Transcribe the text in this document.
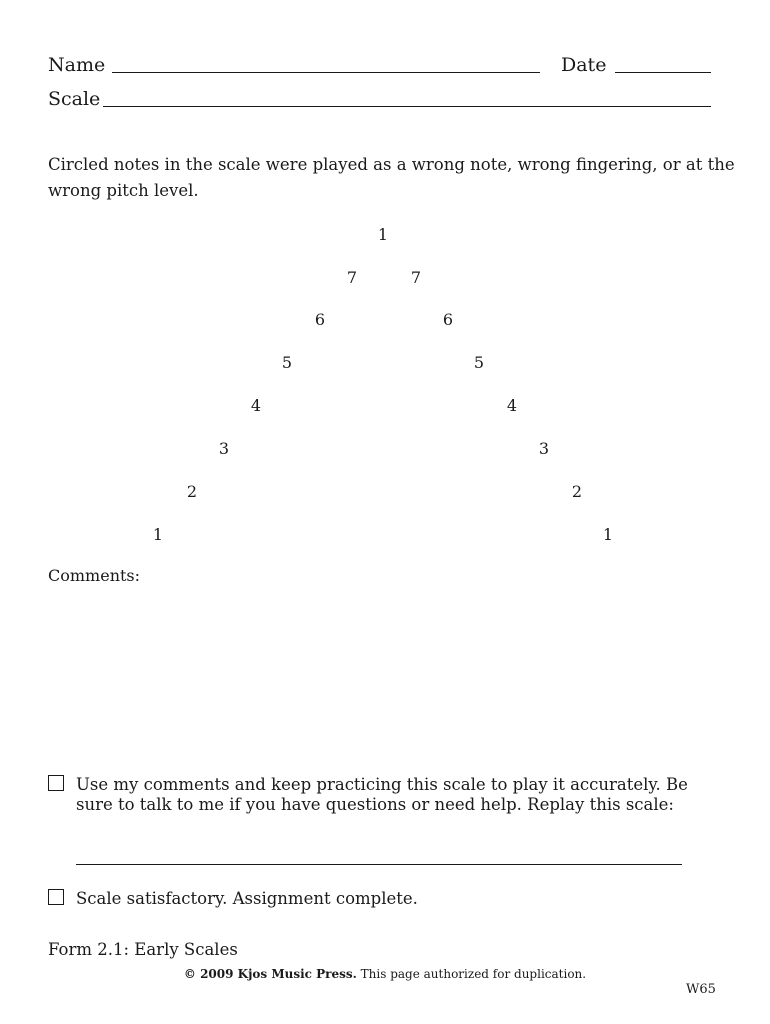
Name	Date
Scale
Circled notes in the scale were played as a wrong note, wrong fingering, or at the wrong pitch level.
1
1
2
3
4
5
6
7	7
6
5
4
3
2
1
Comments:
Use my comments and keep practicing this scale to play it accurately. Be
sure to talk to me if you have questions or need help. Replay this scale:
Scale satisfactory. Assignment complete.
Form 2.1: Early Scales
© 2009 Kjos Music Press. This page authorized for duplication.
W65
